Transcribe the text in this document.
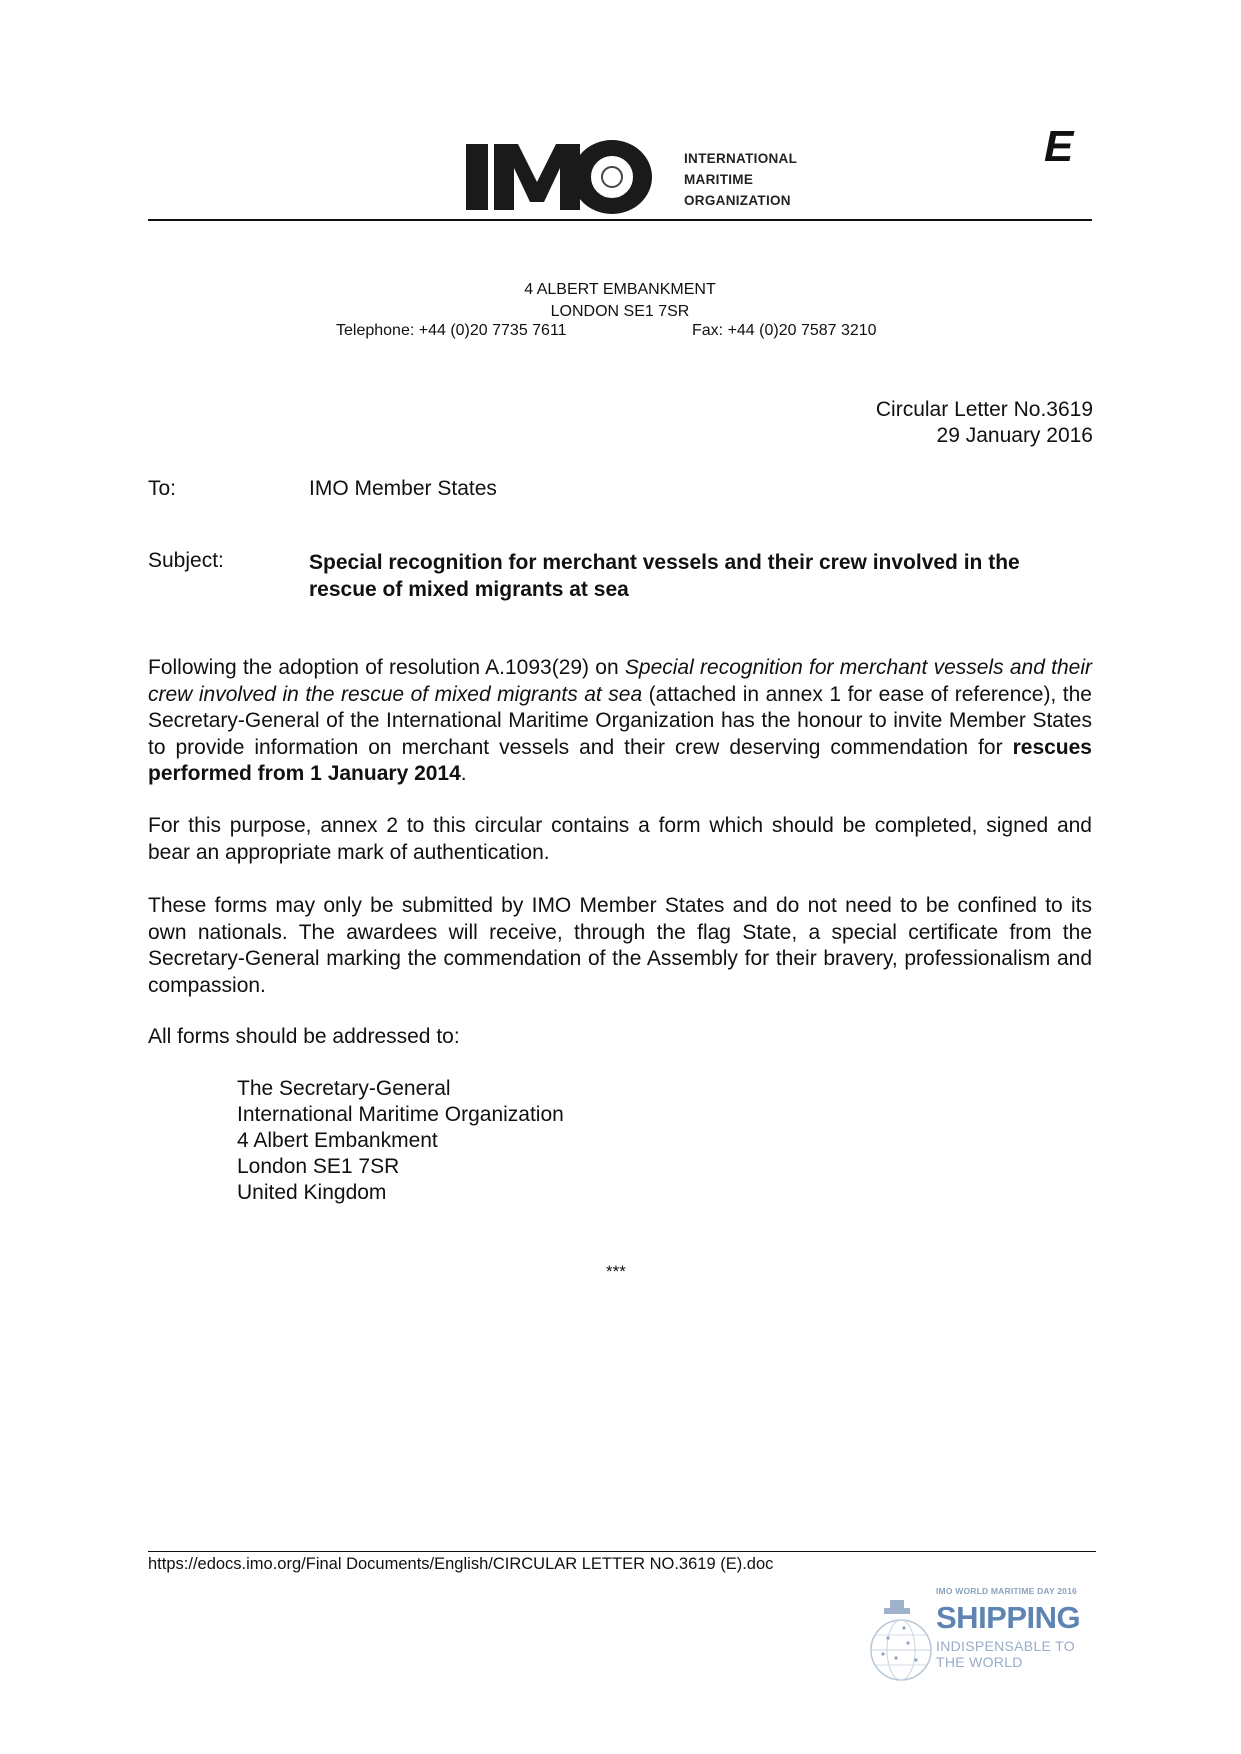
INTERNATIONAL
MARITIME
ORGANIZATION
E
4 ALBERT EMBANKMENT
LONDON SE1 7SR
Telephone: +44 (0)20 7735 7611	Fax: +44 (0)20 7587 3210
Circular Letter No.3619
29 January 2016
To:	IMO Member States
Subject:	Special recognition for merchant vessels and their crew involved in the rescue of mixed migrants at sea
Following the adoption of resolution A.1093(29) on Special recognition for merchant vessels and their crew involved in the rescue of mixed migrants at sea (attached in annex 1 for ease of reference), the Secretary-General of the International Maritime Organization has the honour to invite Member States to provide information on merchant vessels and their crew deserving commendation for rescues performed from 1 January 2014.
For this purpose, annex 2 to this circular contains a form which should be completed, signed and bear an appropriate mark of authentication.
These forms may only be submitted by IMO Member States and do not need to be confined to its own nationals. The awardees will receive, through the flag State, a special certificate from the Secretary-General marking the commendation of the Assembly for their bravery, professionalism and compassion.
All forms should be addressed to:
The Secretary-General
International Maritime Organization
4 Albert Embankment
London SE1 7SR
United Kingdom
***
https://edocs.imo.org/Final Documents/English/CIRCULAR LETTER NO.3619 (E).doc
IMO WORLD MARITIME DAY 2016
SHIPPING
INDISPENSABLE TO
THE WORLD
